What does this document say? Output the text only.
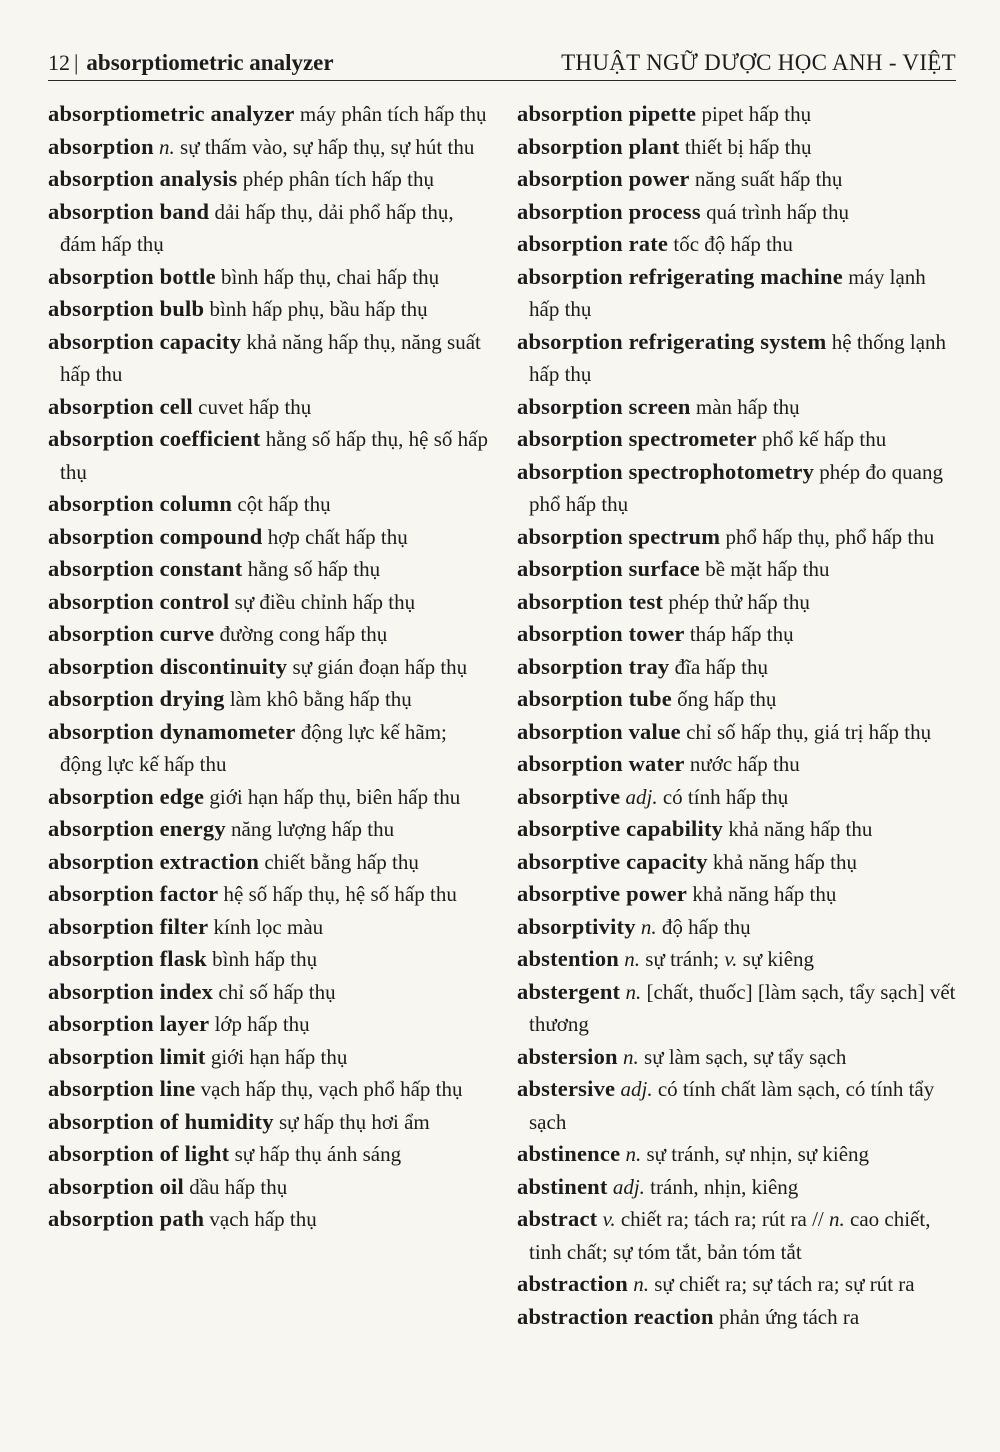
12 | absorptiometric analyzer	THUẬT NGỮ DƯỢC HỌC ANH - VIỆT
absorptiometric analyzer máy phân tích hấp thụ
absorption n. sự thấm vào, sự hấp thụ, sự hút thu
absorption analysis phép phân tích hấp thụ
absorption band dải hấp thụ, dải phổ hấp thụ, đám hấp thụ
absorption bottle bình hấp thụ, chai hấp thụ
absorption bulb bình hấp phụ, bầu hấp thụ
absorption capacity khả năng hấp thụ, năng suất hấp thu
absorption cell cuvet hấp thụ
absorption coefficient hằng số hấp thụ, hệ số hấp thụ
absorption column cột hấp thụ
absorption compound hợp chất hấp thụ
absorption constant hằng số hấp thụ
absorption control sự điều chỉnh hấp thụ
absorption curve đường cong hấp thụ
absorption discontinuity sự gián đoạn hấp thụ
absorption drying làm khô bằng hấp thụ
absorption dynamometer động lực kế hãm; động lực kế hấp thu
absorption edge giới hạn hấp thụ, biên hấp thu
absorption energy năng lượng hấp thu
absorption extraction chiết bằng hấp thụ
absorption factor hệ số hấp thụ, hệ số hấp thu
absorption filter kính lọc màu
absorption flask bình hấp thụ
absorption index chỉ số hấp thụ
absorption layer lớp hấp thụ
absorption limit giới hạn hấp thụ
absorption line vạch hấp thụ, vạch phổ hấp thụ
absorption of humidity sự hấp thụ hơi ẩm
absorption of light sự hấp thụ ánh sáng
absorption oil dầu hấp thụ
absorption path vạch hấp thụ
absorption pipette pipet hấp thụ
absorption plant thiết bị hấp thụ
absorption power năng suất hấp thụ
absorption process quá trình hấp thụ
absorption rate tốc độ hấp thu
absorption refrigerating machine máy lạnh hấp thụ
absorption refrigerating system hệ thống lạnh hấp thụ
absorption screen màn hấp thụ
absorption spectrometer phổ kế hấp thu
absorption spectrophotometry phép đo quang phổ hấp thụ
absorption spectrum phổ hấp thụ, phổ hấp thu
absorption surface bề mặt hấp thu
absorption test phép thử hấp thụ
absorption tower tháp hấp thụ
absorption tray đĩa hấp thụ
absorption tube ống hấp thụ
absorption value chỉ số hấp thụ, giá trị hấp thụ
absorption water nước hấp thu
absorptive adj. có tính hấp thụ
absorptive capability khả năng hấp thu
absorptive capacity khả năng hấp thụ
absorptive power khả năng hấp thụ
absorptivity n. độ hấp thụ
abstention n. sự tránh; v. sự kiêng
abstergent n. [chất, thuốc] [làm sạch, tẩy sạch] vết thương
abstersion n. sự làm sạch, sự tẩy sạch
abstersive adj. có tính chất làm sạch, có tính tẩy sạch
abstinence n. sự tránh, sự nhịn, sự kiêng
abstinent adj. tránh, nhịn, kiêng
abstract v. chiết ra; tách ra; rút ra // n. cao chiết, tinh chất; sự tóm tắt, bản tóm tắt
abstraction n. sự chiết ra; sự tách ra; sự rút ra
abstraction reaction phản ứng tách ra
